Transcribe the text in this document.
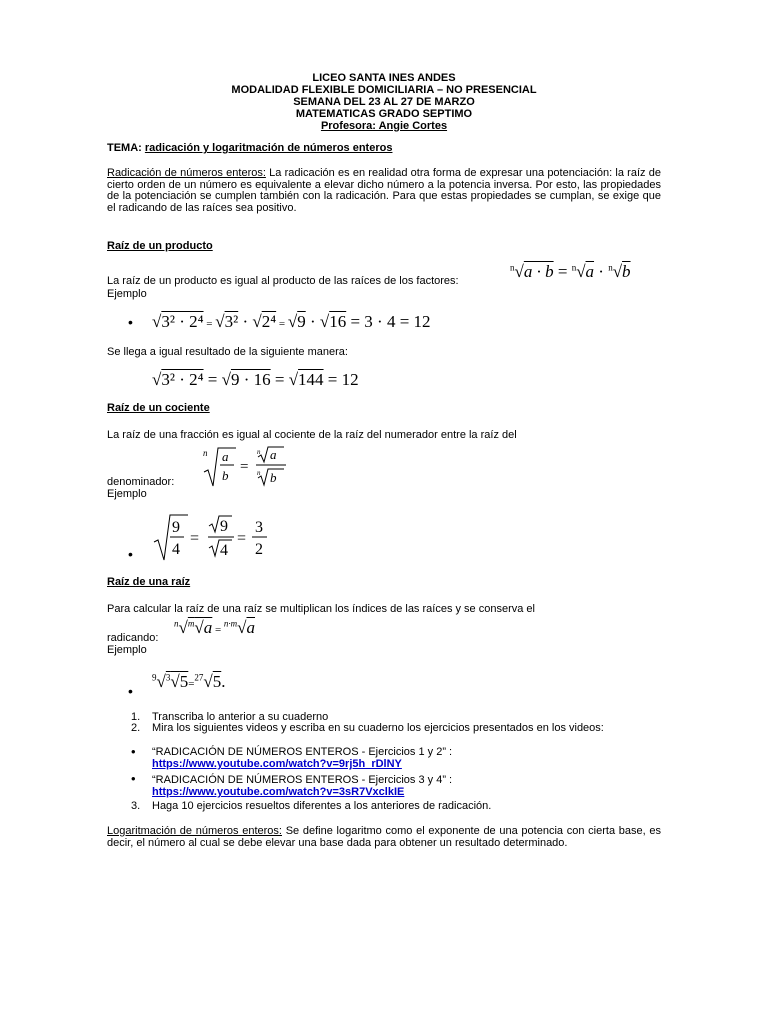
LICEO SANTA INES ANDES
MODALIDAD FLEXIBLE DOMICILIARIA – NO PRESENCIAL
SEMANA DEL 23 AL 27 DE MARZO
MATEMATICAS GRADO SEPTIMO
Profesora: Angie Cortes
TEMA: radicación y logaritmación de números enteros
Radicación de números enteros: La radicación es en realidad otra forma de expresar una potenciación: la raíz de cierto orden de un número es equivalente a elevar dicho número a la potencia inversa. Por esto, las propiedades de la potenciación se cumplen también con la radicación. Para que estas propiedades se cumplan, se exige que el radicando de las raíces sea positivo.
Raíz de un producto
La raíz de un producto es igual al producto de las raíces de los factores:
$^n$√a · b = $^n$√a · $^n$√b
Ejemplo
• √3² · 2⁴ = √3² · √2⁴ = √9 · √16 = 3 · 4 = 12
Se llega a igual resultado de la siguiente manera:
√3² · 2⁴ = √9 · 16 = √144 = 12
Raíz de un cociente
La raíz de una fracción es igual al cociente de la raíz del numerador entre la raíz del
n a
b
=
n a
n b
denominador:
Ejemplo
•
9
4
=
9
4
=
3
2
Raíz de una raíz
Para calcular la raíz de una raíz se multiplican los índices de las raíces y se conserva el
$^n$√$^m$√a = $^{n\cdot m}$√a
radicando:
Ejemplo
•
$^9$√$^3$√5=$^{27}$√5.
1. Transcriba lo anterior a su cuaderno
2. Mira los siguientes videos y escriba en su cuaderno los ejercicios presentados en los videos:
• “RADICACIÓN DE NÚMEROS ENTEROS - Ejercicios 1 y 2” :
https://www.youtube.com/watch?v=9rj5h_rDlNY
• “RADICACIÓN DE NÚMEROS ENTEROS - Ejercicios 3 y 4” :
https://www.youtube.com/watch?v=3sR7VxclkIE
3. Haga 10 ejercicios resueltos diferentes a los anteriores de radicación.
Logaritmación de números enteros: Se define logaritmo como el exponente de una potencia con cierta base, es decir, el número al cual se debe elevar una base dada para obtener un resultado determinado.
